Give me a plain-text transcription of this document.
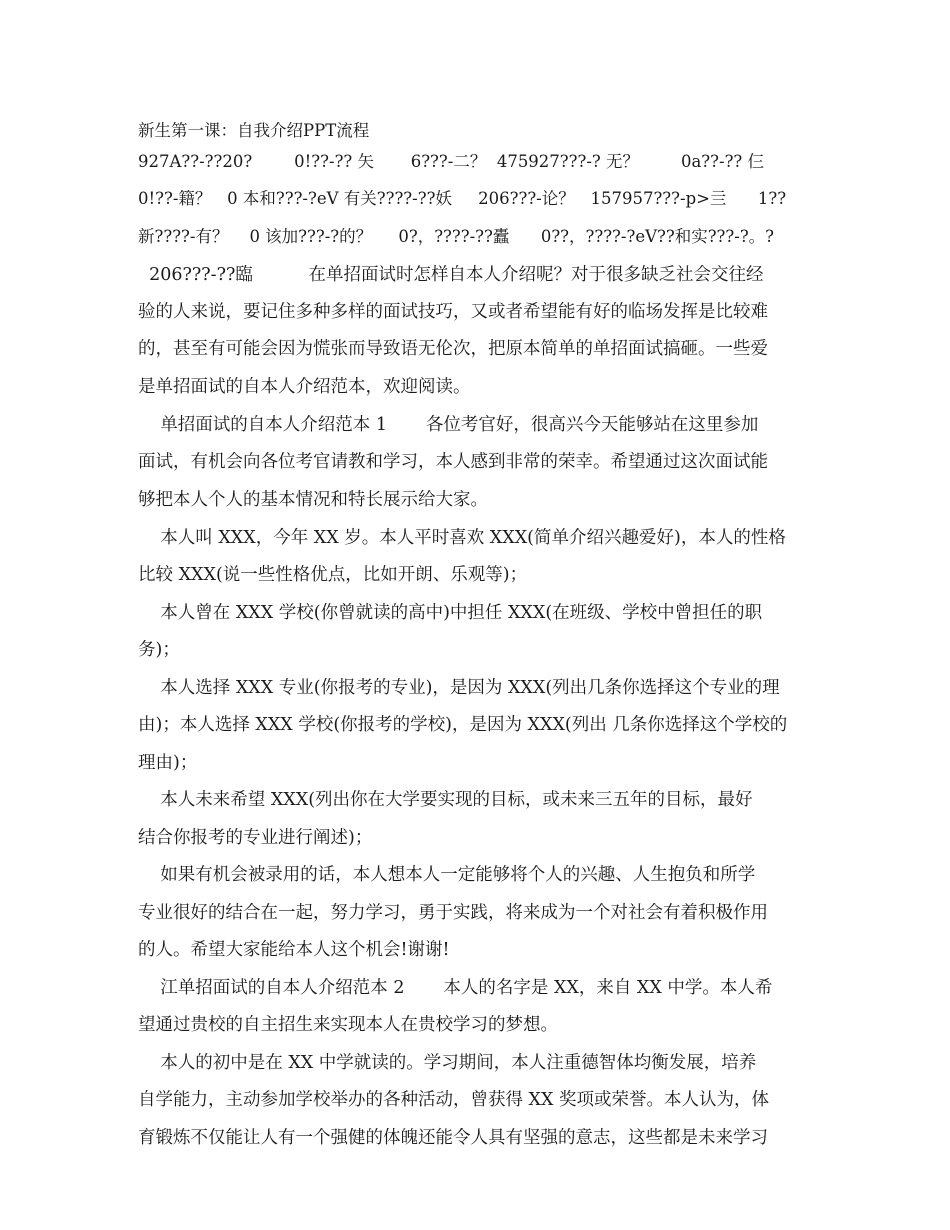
新生第一课：自我介绍PPT流程
927A??-??20?        0!??-?? 矢       6???-二？  475927???-? 无？        0a??-?? 仨
0!??-籍？   0 本和???-?eV 有关????-??妖     206???-论？   157957???-p>亖      1??
新????-有？    0 该加???-?的？     0?，????-??蠹      0??，????-?eV??和实???-?。?
206???-??臨          在单招面试时怎样自本人介绍呢？对于很多缺乏社会交往经
验的人来说，要记住多种多样的面试技巧，又或者希望能有好的临场发挥是比较难
的，甚至有可能会因为慌张而导致语无伦次，把原本简单的单招面试搞砸。一些爱
是单招面试的自本人介绍范本，欢迎阅读。
单招面试的自本人介绍范本 1       各位考官好，很高兴今天能够站在这里参加
面试，有机会向各位考官请教和学习，本人感到非常的荣幸。希望通过这次面试能
够把本人个人的基本情况和特长展示给大家。
本人叫 XXX，今年 XX 岁。本人平时喜欢 XXX(简单介绍兴趣爱好)，本人的性格
比较 XXX(说一些性格优点，比如开朗、乐观等)；
本人曾在 XXX 学校(你曾就读的高中)中担任 XXX(在班级、学校中曾担任的职
务)；
本人选择 XXX 专业(你报考的专业)，是因为 XXX(列出几条你选择这个专业的理
由)；本人选择 XXX 学校(你报考的学校)，是因为 XXX(列出 几条你选择这个学校的
理由)；
本人未来希望 XXX(列出你在大学要实现的目标，或未来三五年的目标，最好
结合你报考的专业进行阐述)；
如果有机会被录用的话，本人想本人一定能够将个人的兴趣、人生抱负和所学
专业很好的结合在一起，努力学习，勇于实践，将来成为一个对社会有着积极作用
的人。希望大家能给本人这个机会!谢谢!
江单招面试的自本人介绍范本 2       本人的名字是 XX，来自 XX 中学。本人希
望通过贵校的自主招生来实现本人在贵校学习的梦想。
本人的初中是在 XX 中学就读的。学习期间，本人注重德智体均衡发展，培养
自学能力，主动参加学校举办的各种活动，曾获得 XX 奖项或荣誉。本人认为，体
育锻炼不仅能让人有一个强健的体魄还能令人具有坚强的意志，这些都是未来学习
